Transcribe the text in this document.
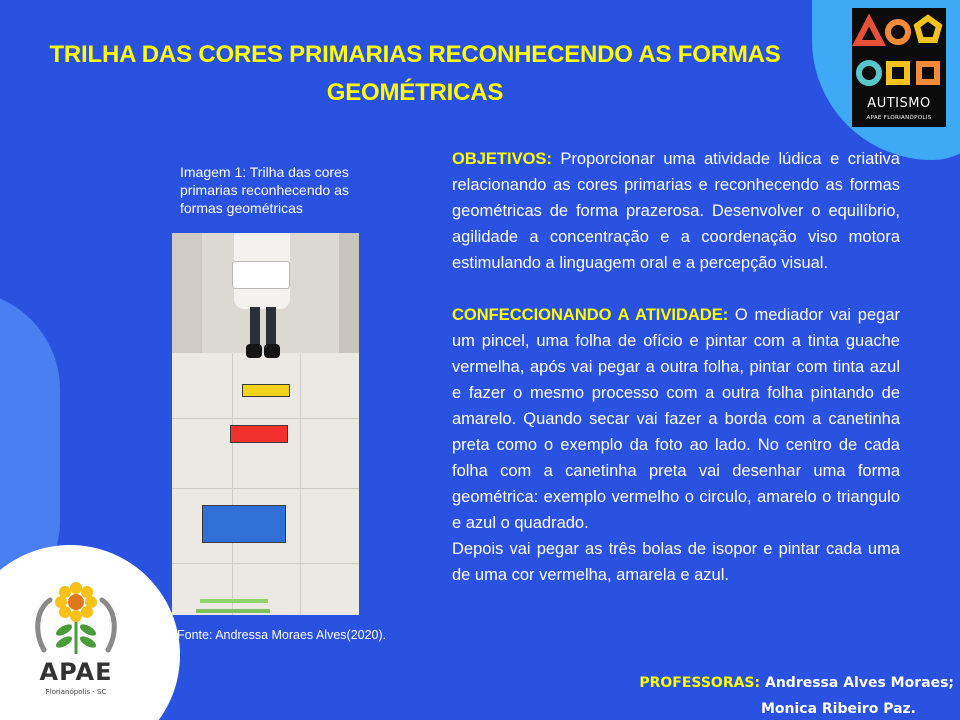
TRILHA DAS CORES PRIMARIAS RECONHECENDO AS FORMAS
GEOMÉTRICAS
Imagem 1: Trilha das cores primarias reconhecendo as formas geométricas
Fonte: Andressa Moraes Alves(2020).

OBJETIVOS: Proporcionar uma atividade lúdica e criativa relacionando as cores primarias e reconhecendo as formas geométricas de forma prazerosa. Desenvolver o equilíbrio, agilidade a concentração e a coordenação viso motora estimulando a linguagem oral e a percepção visual.

CONFECCIONANDO A ATIVIDADE: O mediador vai pegar um pincel, uma folha de ofício e pintar com a tinta guache vermelha, após vai pegar a outra folha, pintar com tinta azul e fazer o mesmo processo com a outra folha pintando de amarelo. Quando secar vai fazer a borda com a canetinha preta como o exemplo da foto ao lado. No centro de cada folha com a canetinha preta vai desenhar uma forma geométrica: exemplo vermelho o circulo, amarelo o triangulo e azul o quadrado.

Depois vai pegar as três bolas de isopor e pintar cada uma de uma cor vermelha, amarela e azul.

PROFESSORAS: Andressa Alves Moraes;
Monica Ribeiro Paz.
AUTISMO
APAE FLORIANÓPOLIS
APAE
Florianópolis - SC
